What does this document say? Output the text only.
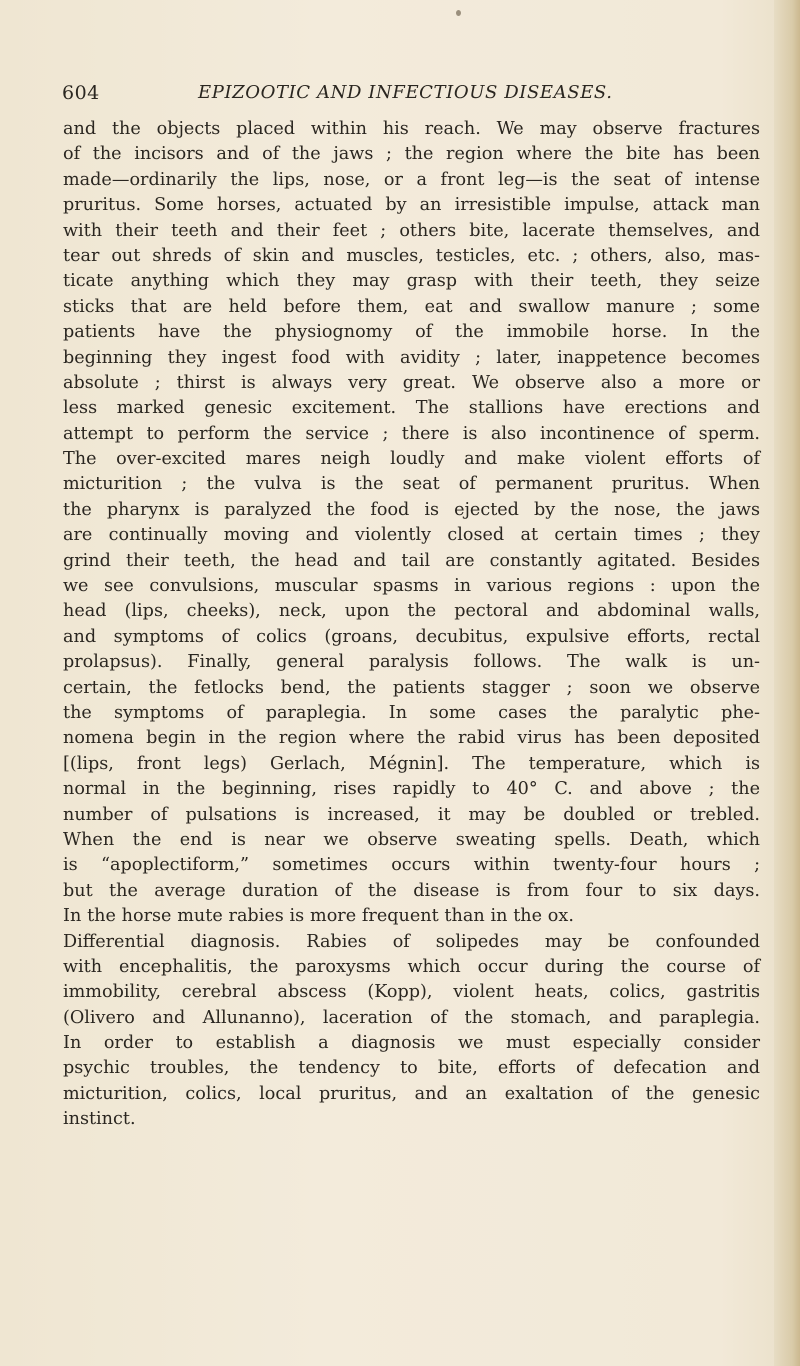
604	EPIZOOTIC AND INFECTIOUS DISEASES.
and the objects placed within his reach. We may observe fractures
of the incisors and of the jaws ; the region where the bite has been
made—ordinarily the lips, nose, or a front leg—is the seat of intense
pruritus. Some horses, actuated by an irresistible impulse, attack man
with their teeth and their feet ; others bite, lacerate themselves, and
tear out shreds of skin and muscles, testicles, etc. ; others, also, mas-
ticate anything which they may grasp with their teeth, they seize
sticks that are held before them, eat and swallow manure ; some
patients have the physiognomy of the immobile horse. In the
beginning they ingest food with avidity ; later, inappetence becomes
absolute ; thirst is always very great. We observe also a more or
less marked genesic excitement. The stallions have erections and
attempt to perform the service ; there is also incontinence of sperm.
The over-excited mares neigh loudly and make violent efforts of
micturition ; the vulva is the seat of permanent pruritus. When
the pharynx is paralyzed the food is ejected by the nose, the jaws
are continually moving and violently closed at certain times ; they
grind their teeth, the head and tail are constantly agitated. Besides
we see convulsions, muscular spasms in various regions : upon the
head (lips, cheeks), neck, upon the pectoral and abdominal walls,
and symptoms of colics (groans, decubitus, expulsive efforts, rectal
prolapsus). Finally, general paralysis follows. The walk is un-
certain, the fetlocks bend, the patients stagger ; soon we observe
the symptoms of paraplegia. In some cases the paralytic phe-
nomena begin in the region where the rabid virus has been deposited
[(lips, front legs) Gerlach, Mégnin]. The temperature, which is
normal in the beginning, rises rapidly to 40° C. and above ; the
number of pulsations is increased, it may be doubled or trebled.
When the end is near we observe sweating spells. Death, which
is “apoplectiform,” sometimes occurs within twenty-four hours ;
but the average duration of the disease is from four to six days.
In the horse mute rabies is more frequent than in the ox.
Differential diagnosis. Rabies of solipedes may be confounded
with encephalitis, the paroxysms which occur during the course of
immobility, cerebral abscess (Kopp), violent heats, colics, gastritis
(Olivero and Allunanno), laceration of the stomach, and paraplegia.
In order to establish a diagnosis we must especially consider
psychic troubles, the tendency to bite, efforts of defecation and
micturition, colics, local pruritus, and an exaltation of the genesic
instinct.
